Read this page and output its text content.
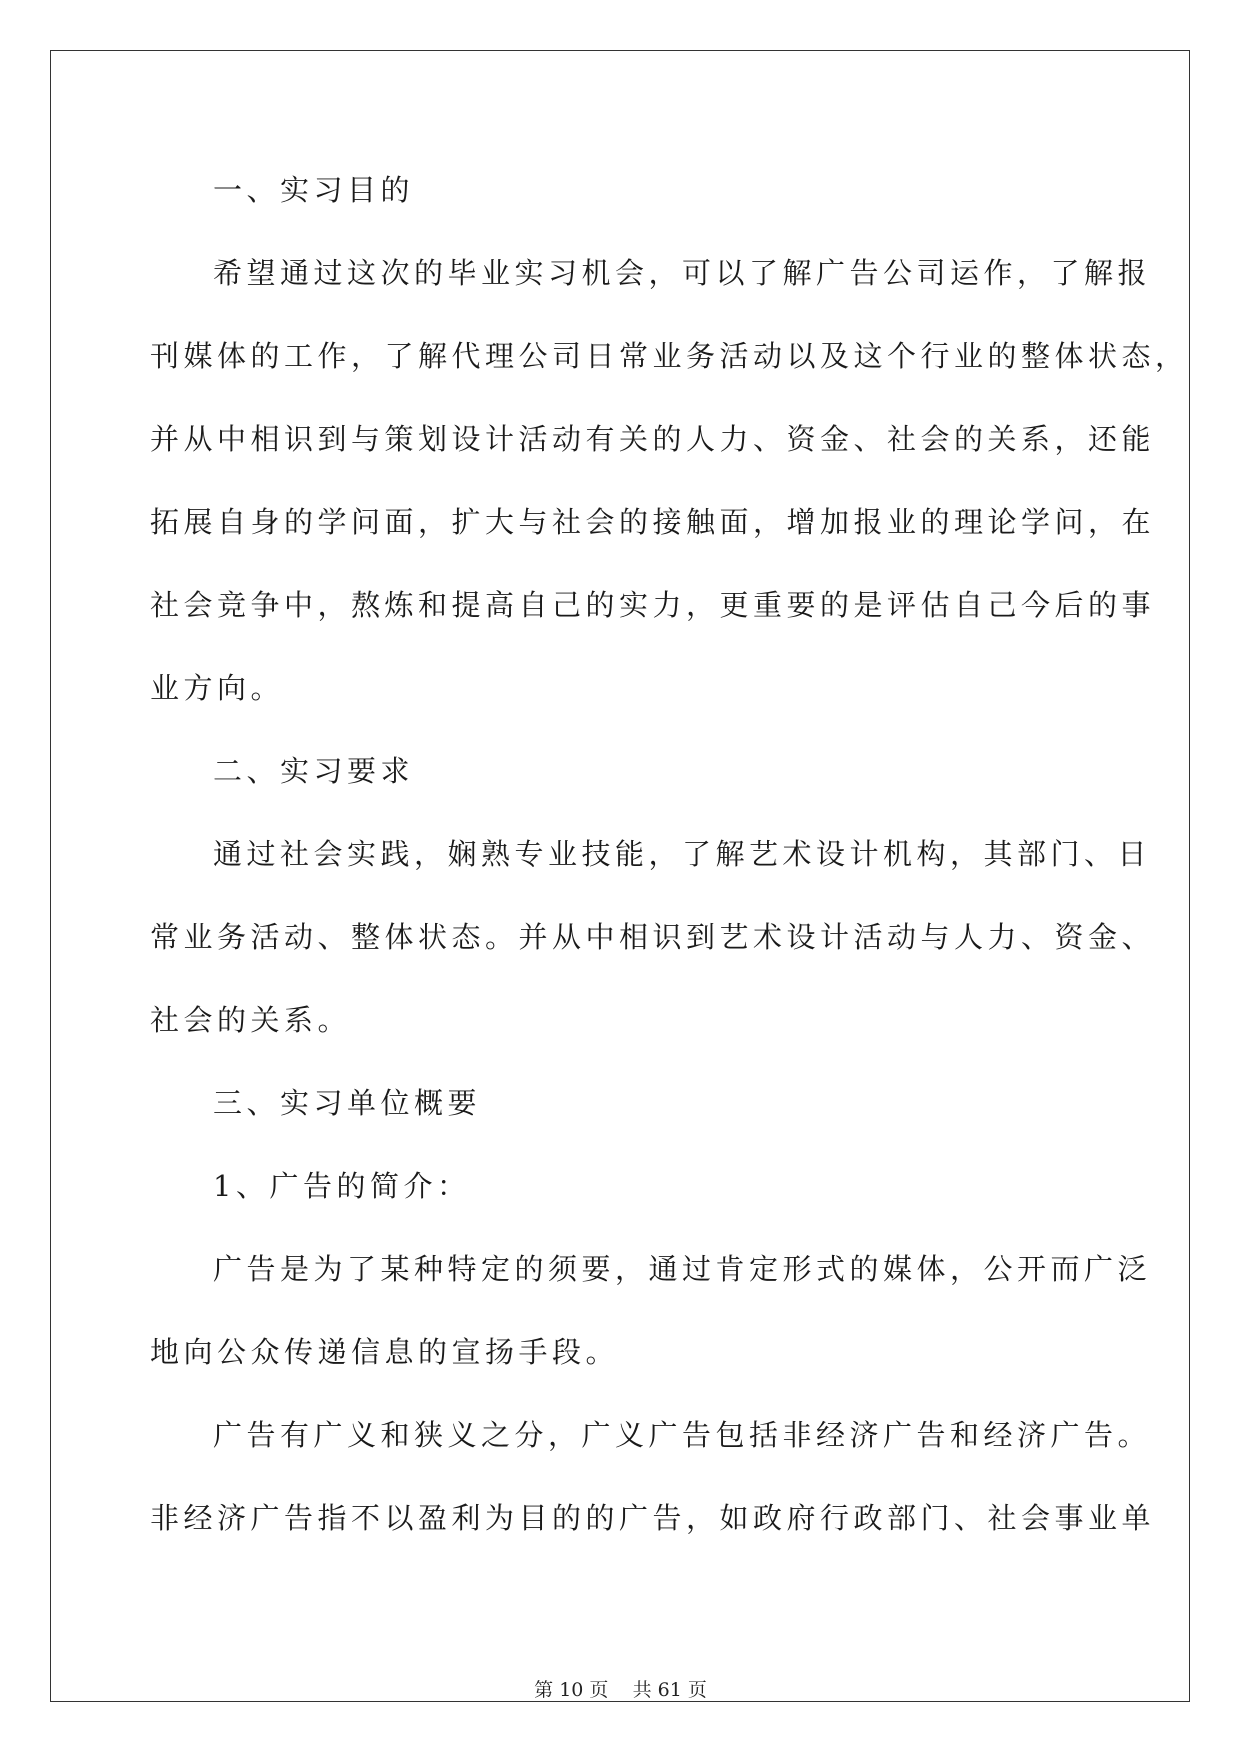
一、实习目的
希望通过这次的毕业实习机会，可以了解广告公司运作，了解报
刊媒体的工作，了解代理公司日常业务活动以及这个行业的整体状态，
并从中相识到与策划设计活动有关的人力、资金、社会的关系，还能
拓展自身的学问面，扩大与社会的接触面，增加报业的理论学问，在
社会竞争中，熬炼和提高自己的实力，更重要的是评估自己今后的事
业方向。
二、实习要求
通过社会实践，娴熟专业技能，了解艺术设计机构，其部门、日
常业务活动、整体状态。并从中相识到艺术设计活动与人力、资金、
社会的关系。
三、实习单位概要
1、广告的简介：
广告是为了某种特定的须要，通过肯定形式的媒体，公开而广泛
地向公众传递信息的宣扬手段。
广告有广义和狭义之分，广义广告包括非经济广告和经济广告。
非经济广告指不以盈利为目的的广告，如政府行政部门、社会事业单
第 10 页    共 61 页
